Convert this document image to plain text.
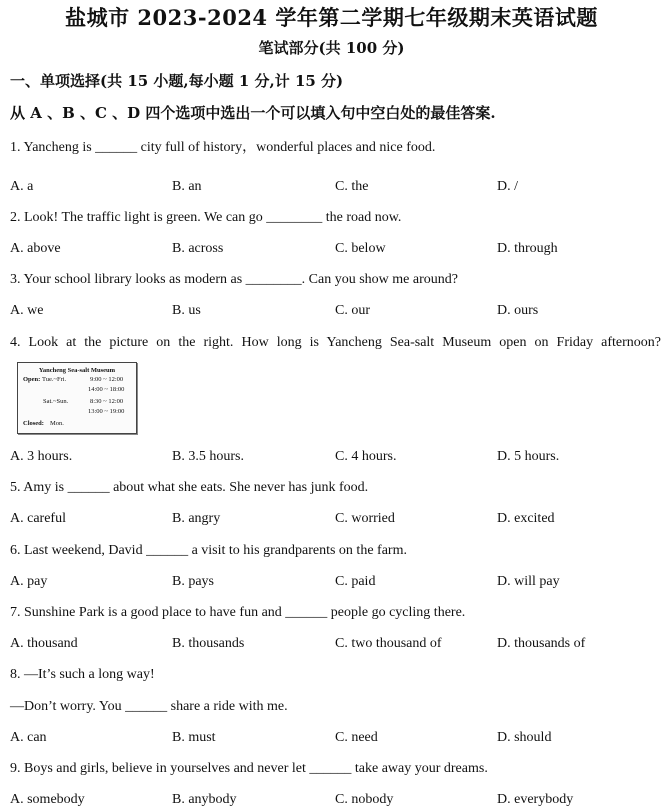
盐城市 2023-2024 学年第二学期七年级期末英语试题
笔试部分(共 100 分)
一、单项选择(共 15 小题,每小题 1 分,计 15 分)
从 A 、B 、C 、D 四个选项中选出一个可以填入句中空白处的最佳答案.
1. Yancheng is ______ city full of history，wonderful places and nice food.
A. a	B. an	C. the	D. /
2. Look! The traffic light is green. We can go ________ the road now.
A. above	B. across	C. below	D. through
3. Your school library looks as modern as ________. Can you show me around?
A. we	B. us	C. our	D. ours
4. Look at the picture on the right. How long is Yancheng Sea-salt Museum open on Friday afternoon?
Yancheng Sea-salt Museum
Open: Tue.~Fri.	9:00 ~ 12:00
14:00 ~ 18:00
Sat.~Sun.	8:30 ~ 12:00
13:00 ~ 19:00
Closed: Mon.
A. 3 hours.	B. 3.5 hours.	C. 4 hours.	D. 5 hours.
5. Amy is ______ about what she eats. She never has junk food.
A. careful	B. angry	C. worried	D. excited
6. Last weekend, David ______ a visit to his grandparents on the farm.
A. pay	B. pays	C. paid	D. will pay
7. Sunshine Park is a good place to have fun and ______ people go cycling there.
A. thousand	B. thousands	C. two thousand of	D. thousands of
8. —It’s such a long way!
—Don’t worry. You ______ share a ride with me.
A. can	B. must	C. need	D. should
9. Boys and girls, believe in yourselves and never let ______ take away your dreams.
A. somebody	B. anybody	C. nobody	D. everybody
